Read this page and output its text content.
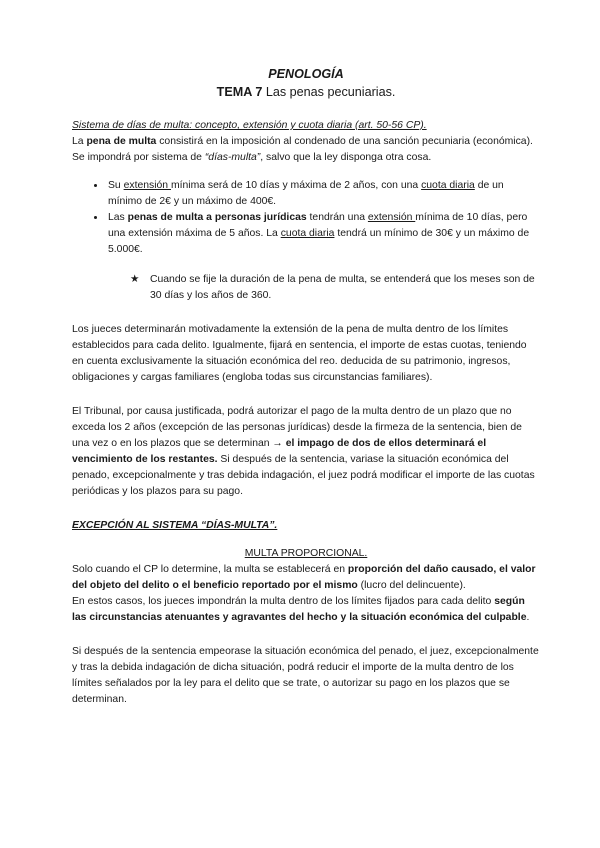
PENOLOGÍA

TEMA 7 Las penas pecuniarias.

Sistema de días de multa: concepto, extensión y cuota diaria (art. 50-56 CP).

La pena de multa consistirá en la imposición al condenado de una sanción pecuniaria (económica). Se impondrá por sistema de “días-multa”, salvo que la ley disponga otra cosa.

• Su extensión mínima será de 10 días y máxima de 2 años, con una cuota diaria de un mínimo de 2€ y un máximo de 400€.
• Las penas de multa a personas jurídicas tendrán una extensión mínima de 10 días, pero una extensión máxima de 5 años. La cuota diaria tendrá un mínimo de 30€ y un máximo de 5.000€.
★ Cuando se fije la duración de la pena de multa, se entenderá que los meses son de 30 días y los años de 360.

Los jueces determinarán motivadamente la extensión de la pena de multa dentro de los límites establecidos para cada delito. Igualmente, fijará en sentencia, el importe de estas cuotas, teniendo en cuenta exclusivamente la situación económica del reo. deducida de su patrimonio, ingresos, obligaciones y cargas familiares (engloba todas sus circunstancias familiares).

El Tribunal, por causa justificada, podrá autorizar el pago de la multa dentro de un plazo que no exceda los 2 años (excepción de las personas jurídicas) desde la firmeza de la sentencia, bien de una vez o en los plazos que se determinan → el impago de dos de ellos determinará el vencimiento de los restantes. Si después de la sentencia, variase la situación económica del penado, excepcionalmente y tras debida indagación, el juez podrá modificar el importe de las cuotas periódicas y los plazos para su pago.

EXCEPCIÓN AL SISTEMA “DÍAS-MULTA”.

MULTA PROPORCIONAL.

Solo cuando el CP lo determine, la multa se establecerá en proporción del daño causado, el valor del objeto del delito o el beneficio reportado por el mismo (lucro del delincuente).
En estos casos, los jueces impondrán la multa dentro de los límites fijados para cada delito según las circunstancias atenuantes y agravantes del hecho y la situación económica del culpable.

Si después de la sentencia empeorase la situación económica del penado, el juez, excepcionalmente y tras la debida indagación de dicha situación, podrá reducir el importe de la multa dentro de los límites señalados por la ley para el delito que se trate, o autorizar su pago en los plazos que se determinan.
